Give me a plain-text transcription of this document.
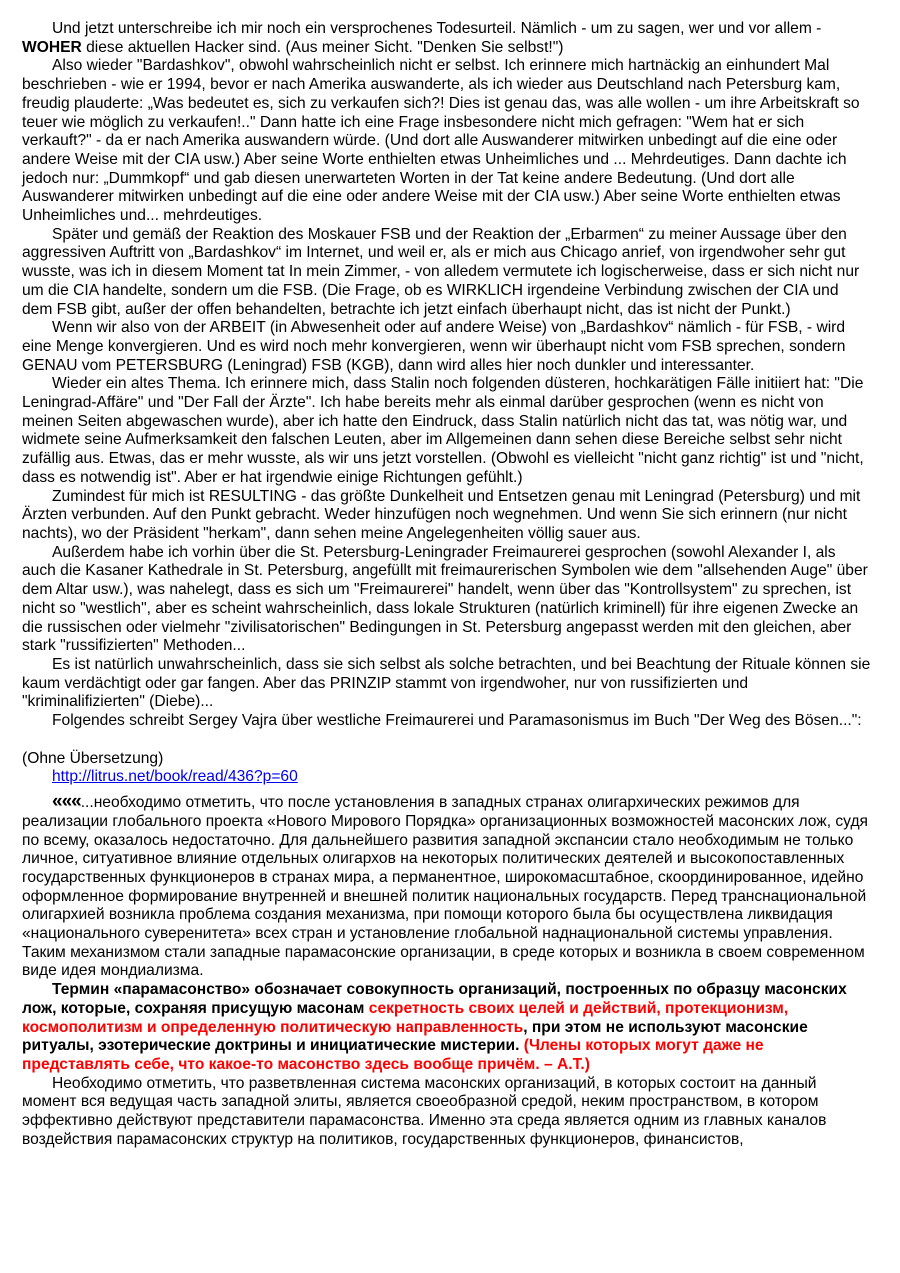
Und jetzt unterschreibe ich mir noch ein versprochenes Todesurteil. Nämlich - um zu sagen, wer und vor allem - WOHER diese aktuellen Hacker sind. (Aus meiner Sicht. "Denken Sie selbst!")

Also wieder "Bardashkov", obwohl wahrscheinlich nicht er selbst. Ich erinnere mich hartnäckig an einhundert Mal beschrieben - wie er 1994, bevor er nach Amerika auswanderte, als ich wieder aus Deutschland nach Petersburg kam, freudig plauderte: „Was bedeutet es, sich zu verkaufen sich?! Dies ist genau das, was alle wollen - um ihre Arbeitskraft so teuer wie möglich zu verkaufen!.." Dann hatte ich eine Frage insbesondere nicht mich gefragen: "Wem hat er sich verkauft?" - da er nach Amerika auswandern würde. (Und dort alle Auswanderer mitwirken unbedingt auf die eine oder andere Weise mit der CIA usw.) Aber seine Worte enthielten etwas Unheimliches und ... Mehrdeutiges. Dann dachte ich jedoch nur: „Dummkopf“ und gab diesen unerwarteten Worten in der Tat keine andere Bedeutung. (Und dort alle Auswanderer mitwirken unbedingt auf die eine oder andere Weise mit der CIA usw.) Aber seine Worte enthielten etwas Unheimliches und... mehrdeutiges.

Später und gemäß der Reaktion des Moskauer FSB und der Reaktion der „Erbarmen“ zu meiner Aussage über den aggressiven Auftritt von „Bardashkov“ im Internet, und weil er, als er mich aus Chicago anrief, von irgendwoher sehr gut wusste, was ich in diesem Moment tat In mein Zimmer, - von alledem vermutete ich logischerweise, dass er sich nicht nur um die CIA handelte, sondern um die FSB. (Die Frage, ob es WIRKLICH irgendeine Verbindung zwischen der CIA und dem FSB gibt, außer der offen behandelten, betrachte ich jetzt einfach überhaupt nicht, das ist nicht der Punkt.)

Wenn wir also von der ARBEIT (in Abwesenheit oder auf andere Weise) von „Bardashkov“ nämlich - für FSB, - wird eine Menge konvergieren. Und es wird noch mehr konvergieren, wenn wir überhaupt nicht vom FSB sprechen, sondern GENAU vom PETERSBURG (Leningrad) FSB (KGB), dann wird alles hier noch dunkler und interessanter.

Wieder ein altes Thema. Ich erinnere mich, dass Stalin noch folgenden düsteren, hochkarätigen Fälle initiiert hat: "Die Leningrad-Affäre" und "Der Fall der Ärzte". Ich habe bereits mehr als einmal darüber gesprochen (wenn es nicht von meinen Seiten abgewaschen wurde), aber ich hatte den Eindruck, dass Stalin natürlich nicht das tat, was nötig war, und widmete seine Aufmerksamkeit den falschen Leuten, aber im Allgemeinen dann sehen diese Bereiche selbst sehr nicht zufällig aus. Etwas, das er mehr wusste, als wir uns jetzt vorstellen. (Obwohl es vielleicht "nicht ganz richtig" ist und "nicht, dass es notwendig ist". Aber er hat irgendwie einige Richtungen gefühlt.)

Zumindest für mich ist RESULTING - das größte Dunkelheit und Entsetzen genau mit Leningrad (Petersburg) und mit Ärzten verbunden. Auf den Punkt gebracht. Weder hinzufügen noch wegnehmen. Und wenn Sie sich erinnern (nur nicht nachts), wo der Präsident "herkam", dann sehen meine Angelegenheiten völlig sauer aus.

Außerdem habe ich vorhin über die St. Petersburg-Leningrader Freimaurerei gesprochen (sowohl Alexander I, als auch die Kasaner Kathedrale in St. Petersburg, angefüllt mit freimaurerischen Symbolen wie dem "allsehenden Auge" über dem Altar usw.), was nahelegt, dass es sich um "Freimaurerei" handelt, wenn über das "Kontrollsystem" zu sprechen, ist nicht so "westlich", aber es scheint wahrscheinlich, dass lokale Strukturen (natürlich kriminell) für ihre eigenen Zwecke an die russischen oder vielmehr "zivilisatorischen" Bedingungen in St. Petersburg angepasst werden mit den gleichen, aber stark "russifizierten" Methoden...

Es ist natürlich unwahrscheinlich, dass sie sich selbst als solche betrachten, und bei Beachtung der Rituale können sie kaum verdächtigt oder gar fangen. Aber das PRINZIP stammt von irgendwoher, nur von russifizierten und "kriminalifizierten" (Diebe)...

Folgendes schreibt Sergey Vajra über westliche Freimaurerei und Paramasonismus im Buch "Der Weg des Bösen...":

(Ohne Übersetzung)

http://litrus.net/book/read/436?p=60

«««...необходимо отметить, что после установления в западных странах олигархических режимов для реализации глобального проекта «Нового Мирового Порядка» организационных возможностей масонских лож, судя по всему, оказалось недостаточно. Для дальнейшего развития западной экспансии стало необходимым не только личное, ситуативное влияние отдельных олигархов на некоторых политических деятелей и высокопоставленных государственных функционеров в странах мира, а перманентное, широкомасштабное, скоординированное, идейно оформленное формирование внутренней и внешней политик национальных государств. Перед транснациональной олигархией возникла проблема создания механизма, при помощи которого была бы осуществлена ликвидация «национального суверенитета» всех стран и установление глобальной наднациональной системы управления. Таким механизмом стали западные парамасонские организации, в среде которых и возникла в своем современном виде идея мондиализма.

Термин «парамасонство» обозначает совокупность организаций, построенных по образцу масонских лож, которые, сохраняя присущую масонам секретность своих целей и действий, протекционизм, космополитизм и определенную политическую направленность, при этом не используют масонские ритуалы, эзотерические доктрины и инициатические мистерии. (Члены которых могут даже не представлять себе, что какое-то масонство здесь вообще причём. – А.Т.)

Необходимо отметить, что разветвленная система масонских организаций, в которых состоит на данный момент вся ведущая часть западной элиты, является своеобразной средой, неким пространством, в котором эффективно действуют представители парамасонства. Именно эта среда является одним из главных каналов воздействия парамасонских структур на политиков, государственных функционеров, финансистов,
